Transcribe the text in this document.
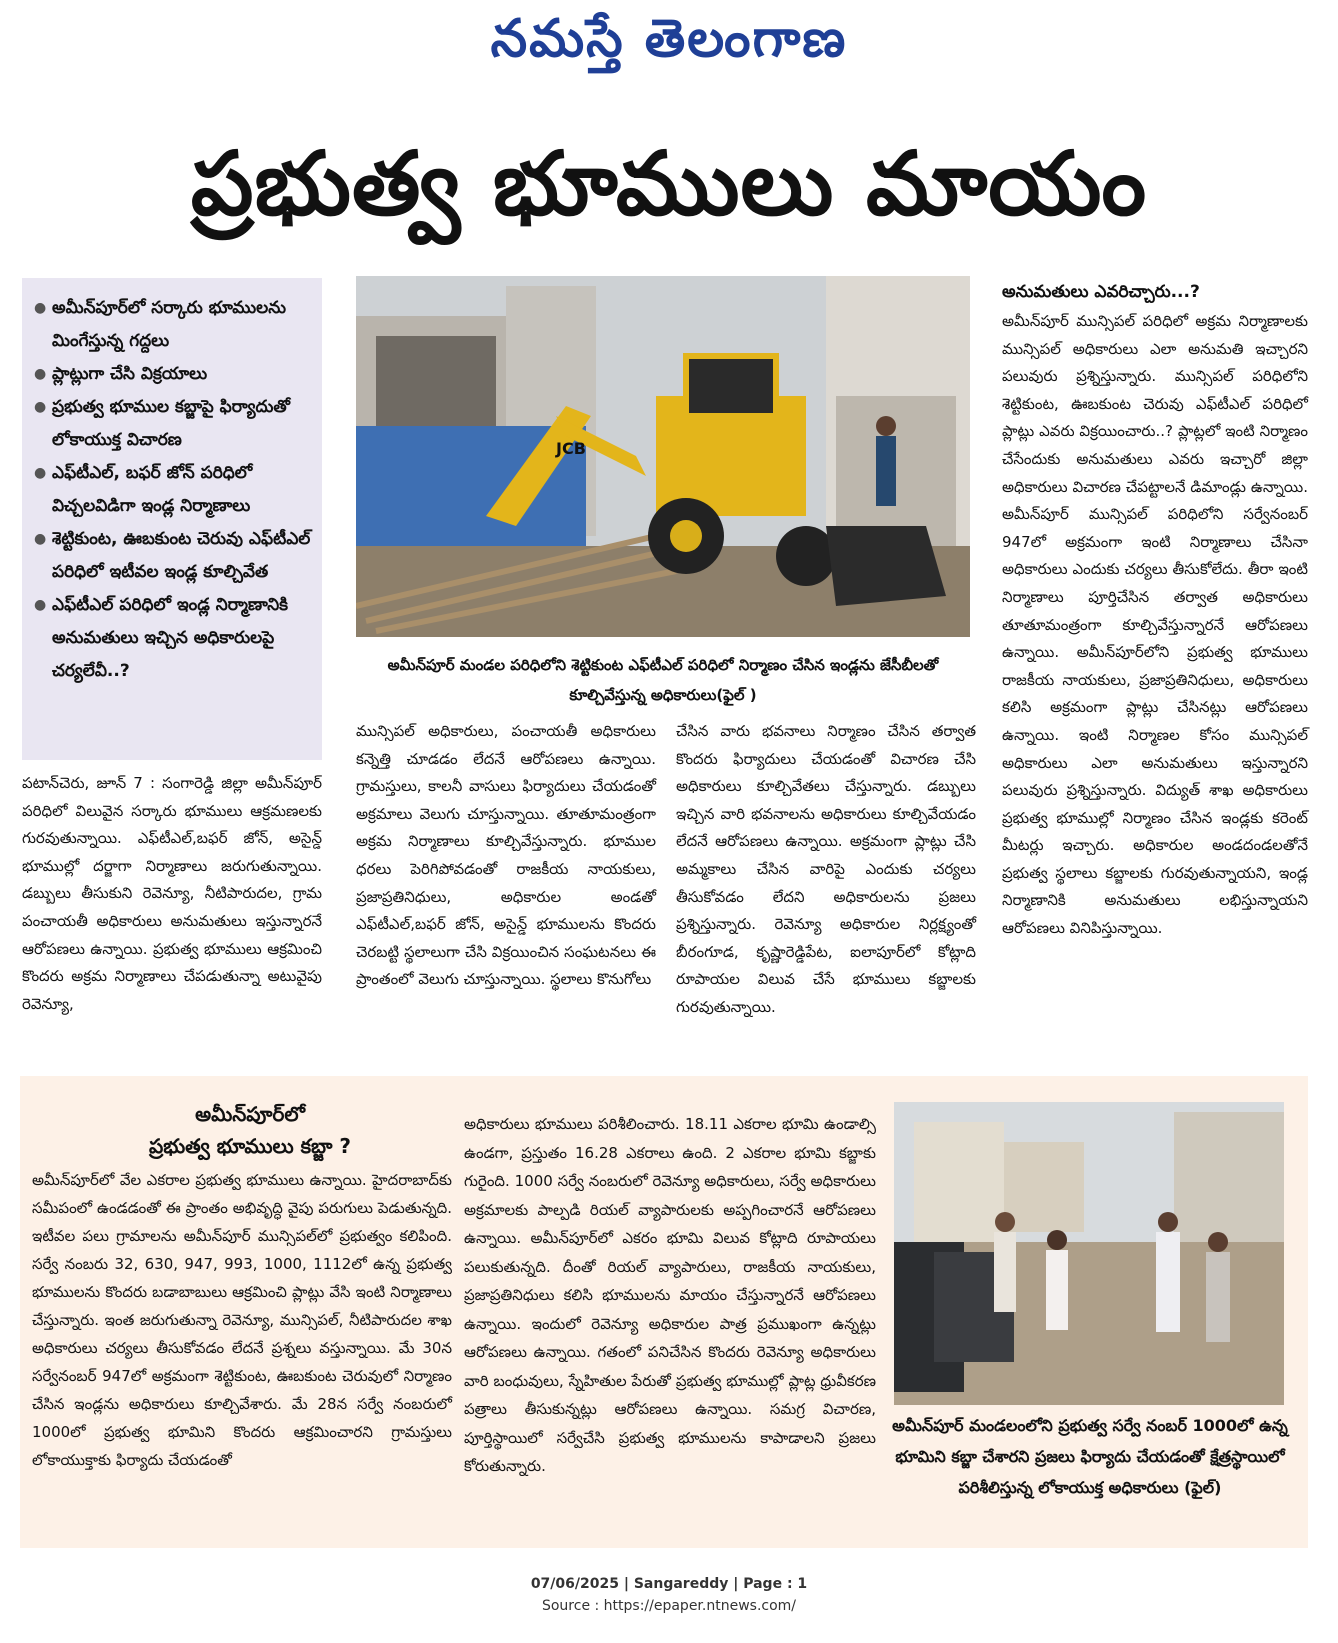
నమస్తే తెలంగాణ
ప్రభుత్వ భూములు మాయం
● అమీన్‌పూర్‌లో సర్కారు భూములను మింగేస్తున్న గద్దలు
● ప్లాట్లుగా చేసి విక్రయాలు
● ప్రభుత్వ భూముల కబ్జాపై ఫిర్యాదుతో లోకాయుక్త విచారణ
● ఎఫ్‌టీఎల్, బఫర్ జోన్ పరిధిలో విచ్చలవిడిగా ఇండ్ల నిర్మాణాలు
● శెట్టికుంట, ఊబకుంట చెరువు ఎఫ్‌టీఎల్ పరిధిలో ఇటీవల ఇండ్ల కూల్చివేత
● ఎఫ్‌టీఎల్ పరిధిలో ఇండ్ల నిర్మాణానికి అనుమతులు ఇచ్చిన అధికారులపై చర్యలేవీ..?
JCB
అమీన్‌పూర్ మండల పరిధిలోని శెట్టికుంట ఎఫ్‌టీఎల్ పరిధిలో నిర్మాణం చేసిన ఇండ్లను జేసీబీలతో కూల్చివేస్తున్న అధికారులు(ఫైల్ )
పటాన్‌చెరు, జూన్ 7 : సంగారెడ్డి జిల్లా అమీన్‌పూర్ పరిధిలో విలువైన సర్కారు భూములు ఆక్రమణలకు గురవుతున్నాయి. ఎఫ్‌టీఎల్,బఫర్ జోన్, అసైన్డ్ భూముల్లో దర్జాగా నిర్మాణాలు జరుగుతున్నాయి. డబ్బులు తీసుకుని రెవెన్యూ, నీటిపారుదల, గ్రామ పంచాయతీ అధికారులు అనుమతులు ఇస్తున్నారనే ఆరోపణలు ఉన్నాయి. ప్రభుత్వ భూములు ఆక్రమించి కొందరు అక్రమ నిర్మాణాలు చేపడుతున్నా అటువైపు రెవెన్యూ,
మున్సిపల్ అధికారులు, పంచాయతీ అధికారులు కన్నెత్తి చూడడం లేదనే ఆరోపణలు ఉన్నాయి. గ్రామస్తులు, కాలనీ వాసులు ఫిర్యాదులు చేయడంతో అక్రమాలు వెలుగు చూస్తున్నాయి. తూతూమంత్రంగా అక్రమ నిర్మాణాలు కూల్చివేస్తున్నారు. భూముల ధరలు పెరిగిపోవడంతో రాజకీయ నాయకులు, ప్రజాప్రతినిధులు, అధికారుల అండతో ఎఫ్‌టీఎల్,బఫర్ జోన్, అసైన్డ్ భూములను కొందరు చెరబట్టి స్థలాలుగా చేసి విక్రయించిన సంఘటనలు ఈ ప్రాంతంలో వెలుగు చూస్తున్నాయి. స్థలాలు కొనుగోలు
చేసిన వారు భవనాలు నిర్మాణం చేసిన తర్వాత కొందరు ఫిర్యాదులు చేయడంతో విచారణ చేసి అధికారులు కూల్చివేతలు చేస్తున్నారు. డబ్బులు ఇచ్చిన వారి భవనాలను అధికారులు కూల్చివేయడం లేదనే ఆరోపణలు ఉన్నాయి. అక్రమంగా ప్లాట్లు చేసి అమ్మకాలు చేసిన వారిపై ఎందుకు చర్యలు తీసుకోవడం లేదని అధికారులను ప్రజలు ప్రశ్నిస్తున్నారు. రెవెన్యూ అధికారుల నిర్లక్ష్యంతో బీరంగూడ, కృష్ణారెడ్డిపేట, ఐలాపూర్‌లో కోట్లాది రూపాయల విలువ చేసే భూములు కబ్జాలకు గురవుతున్నాయి.
అనుమతులు ఎవరిచ్చారు...?
అమీన్‌పూర్ మున్సిపల్ పరిధిలో అక్రమ నిర్మాణాలకు మున్సిపల్ అధికారులు ఎలా అనుమతి ఇచ్చారని పలువురు ప్రశ్నిస్తున్నారు. మున్సిపల్ పరిధిలోని శెట్టికుంట, ఊబకుంట చెరువు ఎఫ్‌టీఎల్ పరిధిలో ప్లాట్లు ఎవరు విక్రయించారు..? ప్లాట్లలో ఇంటి నిర్మాణం చేసేందుకు అనుమతులు ఎవరు ఇచ్చారో జిల్లా అధికారులు విచారణ చేపట్టాలనే డిమాండ్లు ఉన్నాయి. అమీన్‌పూర్ మున్సిపల్ పరిధిలోని సర్వేనంబర్ 947లో అక్రమంగా ఇంటి నిర్మాణాలు చేసినా అధికారులు ఎందుకు చర్యలు తీసుకోలేదు. తీరా ఇంటి నిర్మాణాలు పూర్తిచేసిన తర్వాత అధికారులు తూతూమంత్రంగా కూల్చివేస్తున్నారనే ఆరోపణలు ఉన్నాయి. అమీన్‌పూర్‌లోని ప్రభుత్వ భూములు రాజకీయ నాయకులు, ప్రజాప్రతినిధులు, అధికారులు కలిసి అక్రమంగా ప్లాట్లు చేసినట్లు ఆరోపణలు ఉన్నాయి. ఇంటి నిర్మాణల కోసం మున్సిపల్ అధికారులు ఎలా అనుమతులు ఇస్తున్నారని పలువురు ప్రశ్నిస్తున్నారు. విద్యుత్ శాఖ అధికారులు ప్రభుత్వ భూముల్లో నిర్మాణం చేసిన ఇండ్లకు కరెంట్ మీటర్లు ఇచ్చారు. అధికారుల అండదండలతోనే ప్రభుత్వ స్థలాలు కబ్జాలకు గురవుతున్నాయని, ఇండ్ల నిర్మాణానికి అనుమతులు లభిస్తున్నాయని ఆరోపణలు వినిపిస్తున్నాయి.
అమీన్‌పూర్‌లో
ప్రభుత్వ భూములు కబ్జా ?
అమీన్‌పూర్‌లో వేల ఎకరాల ప్రభుత్వ భూములు ఉన్నాయి. హైదరాబాద్‌కు సమీపంలో ఉండడంతో ఈ ప్రాంతం అభివృద్ధి వైపు పరుగులు పెడుతున్నది. ఇటీవల పలు గ్రామాలను అమీన్‌పూర్ మున్సిపల్‌లో ప్రభుత్వం కలిపింది. సర్వే నంబరు 32, 630, 947, 993, 1000, 1112లో ఉన్న ప్రభుత్వ భూములను కొందరు బడాబాబులు ఆక్రమించి ప్లాట్లు వేసి ఇంటి నిర్మాణాలు చేస్తున్నారు. ఇంత జరుగుతున్నా రెవెన్యూ, మున్సిపల్, నీటిపారుదల శాఖ అధికారులు చర్యలు తీసుకోవడం లేదనే ప్రశ్నలు వస్తున్నాయి. మే 30న సర్వేనంబర్ 947లో అక్రమంగా శెట్టికుంట, ఊబకుంట చెరువులో నిర్మాణం చేసిన ఇండ్లను అధికారులు కూల్చివేశారు. మే 28న సర్వే నంబరులో 1000లో ప్రభుత్వ భూమిని కొందరు ఆక్రమించారని గ్రామస్తులు లోకాయుక్తాకు ఫిర్యాదు చేయడంతో
అధికారులు భూములు పరిశీలించారు. 18.11 ఎకరాల భూమి ఉండాల్సి ఉండగా, ప్రస్తుతం 16.28 ఎకరాలు ఉంది. 2 ఎకరాల భూమి కబ్జాకు గురైంది. 1000 సర్వే నంబరులో రెవెన్యూ అధికారులు, సర్వే అధికారులు అక్రమాలకు పాల్పడి రియల్ వ్యాపారులకు అప్పగించారనే ఆరోపణలు ఉన్నాయి. అమీన్‌పూర్‌లో ఎకరం భూమి విలువ కోట్లాది రూపాయలు పలుకుతున్నది. దీంతో రియల్ వ్యాపారులు, రాజకీయ నాయకులు, ప్రజాప్రతినిధులు కలిసి భూములను మాయం చేస్తున్నారనే ఆరోపణలు ఉన్నాయి. ఇందులో రెవెన్యూ అధికారుల పాత్ర ప్రముఖంగా ఉన్నట్లు ఆరోపణలు ఉన్నాయి. గతంలో పనిచేసిన కొందరు రెవెన్యూ అధికారులు వారి బంధువులు, స్నేహితుల పేరుతో ప్రభుత్వ భూముల్లో ప్లాట్ల ధ్రువీకరణ పత్రాలు తీసుకున్నట్లు ఆరోపణలు ఉన్నాయి. సమగ్ర విచారణ, పూర్తిస్థాయిలో సర్వేచేసి ప్రభుత్వ భూములను కాపాడాలని ప్రజలు కోరుతున్నారు.
అమీన్‌పూర్ మండలంలోని ప్రభుత్వ సర్వే నంబర్ 1000లో ఉన్న భూమిని కబ్జా చేశారని ప్రజలు ఫిర్యాదు చేయడంతో క్షేత్రస్థాయిలో పరిశీలిస్తున్న లోకాయుక్త అధికారులు (ఫైల్)
07/06/2025 | Sangareddy | Page : 1
Source : https://epaper.ntnews.com/
